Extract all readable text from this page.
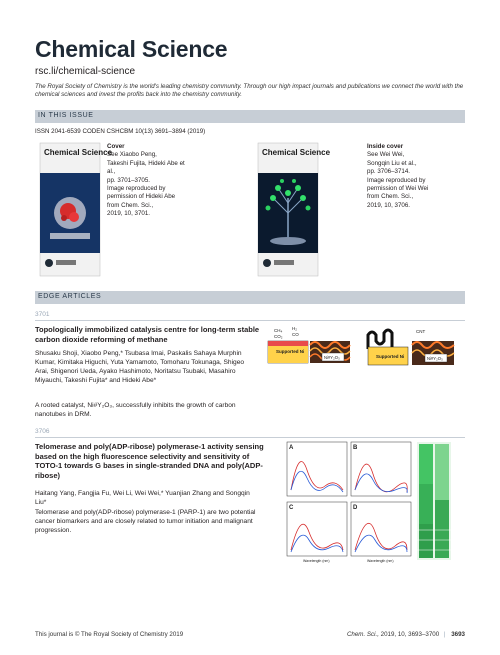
Chemical Science
rsc.li/chemical-science
The Royal Society of Chemistry is the world's leading chemistry community. Through our high impact journals and publications we connect the world with the chemical sciences and invest the profits back into the chemistry community.
IN THIS ISSUE
ISSN 2041-6539 CODEN CSHCBM 10(13) 3691–3894 (2019)
Chemical Science
Cover
See Xiaobo Peng,
Takeshi Fujita, Hideki Abe et al.,
pp. 3701–3705.
Image reproduced by
permission of Hideki Abe
from Chem. Sci.,
2019, 10, 3701.
Chemical Science
Inside cover
See Wei Wei,
Songqin Liu et al.,
pp. 3706–3714.
Image reproduced by
permission of Wei Wei
from Chem. Sci.,
2019, 10, 3706.
EDGE ARTICLES
3701
Topologically immobilized catalysis centre for long-term stable carbon dioxide reforming of methane
Shusaku Shoji, Xiaobo Peng,* Tsubasa Imai, Paskalis Sahaya Murphin Kumar, Kimitaka Higuchi, Yuta Yamamoto, Tomoharu Tokunaga, Shigeo Arai, Shigenori Ueda, Ayako Hashimoto, Noritatsu Tsubaki, Masahiro Miyauchi, Takeshi Fujita* and Hideki Abe*
A rooted catalyst, Ni#Y₂O₃, successfully inhibits the growth of carbon nanotubes in DRM.
CH₄
CO₂
H₂
CO
Supported Ni
Ni#Y₂O₃
CNT
Supported Ni	Ni#Y₂O₃
3706
Telomerase and poly(ADP-ribose) polymerase-1 activity sensing based on the high fluorescence selectivity and sensitivity of TOTO-1 towards G bases in single-stranded DNA and poly(ADP-ribose)
Haitang Yang, Fangjia Fu, Wei Li, Wei Wei,* Yuanjian Zhang and Songqin Liu*
Telomerase and poly(ADP-ribose) polymerase-1 (PARP-1) are two potential cancer biomarkers and are closely related to tumor initiation and malignant progression.
A	B
C	D
Wavelength (nm)	Wavelength (nm)
This journal is © The Royal Society of Chemistry 2019	Chem. Sci., 2019, 10, 3693–3700 | 3693
